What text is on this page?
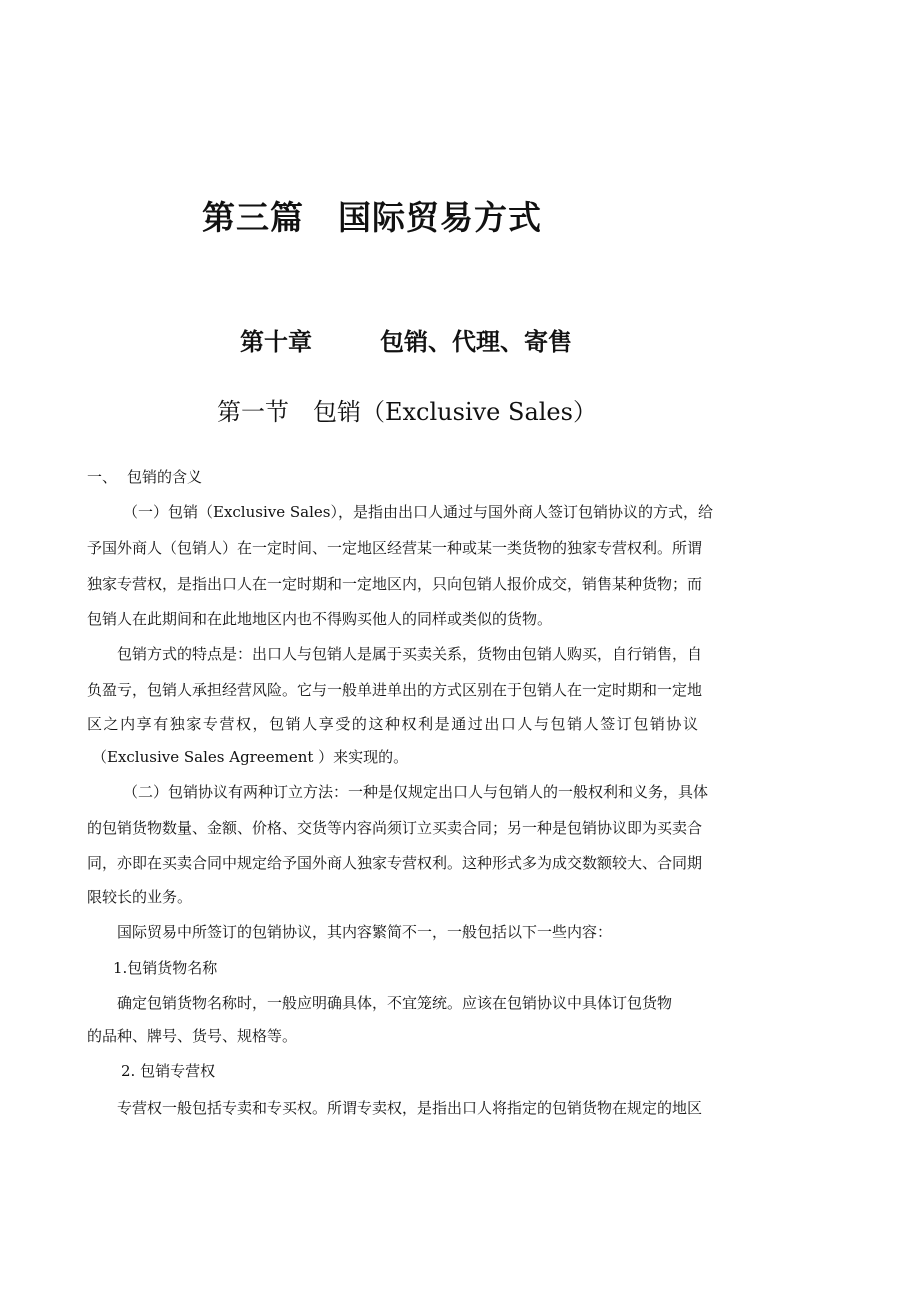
第三篇 国际贸易方式
第十章	包销、代理、寄售
第一节　包销（Exclusive Sales）
一、 包销的含义
（一）包销（Exclusive Sales），是指由出口人通过与国外商人签订包销协议的方式，给
予国外商人（包销人）在一定时间、一定地区经营某一种或某一类货物的独家专营权利。所谓
独家专营权，是指出口人在一定时期和一定地区内，只向包销人报价成交，销售某种货物；而
包销人在此期间和在此地地区内也不得购买他人的同样或类似的货物。
包销方式的特点是：出口人与包销人是属于买卖关系，货物由包销人购买，自行销售，自
负盈亏，包销人承担经营风险。它与一般单进单出的方式区别在于包销人在一定时期和一定地
区之内享有独家专营权，包销人享受的这种权利是通过出口人与包销人签订包销协议
（Exclusive Sales Agreement ）来实现的。
（二）包销协议有两种订立方法：一种是仅规定出口人与包销人的一般权利和义务，具体
的包销货物数量、金额、价格、交货等内容尚须订立买卖合同；另一种是包销协议即为买卖合
同，亦即在买卖合同中规定给予国外商人独家专营权利。这种形式多为成交数额较大、合同期
限较长的业务。
国际贸易中所签订的包销协议，其内容繁简不一，一般包括以下一些内容：
1.包销货物名称
确定包销货物名称时，一般应明确具体，不宜笼统。应该在包销协议中具体订包货物
的品种、牌号、货号、规格等。
2. 包销专营权
专营权一般包括专卖和专买权。所谓专卖权，是指出口人将指定的包销货物在规定的地区
